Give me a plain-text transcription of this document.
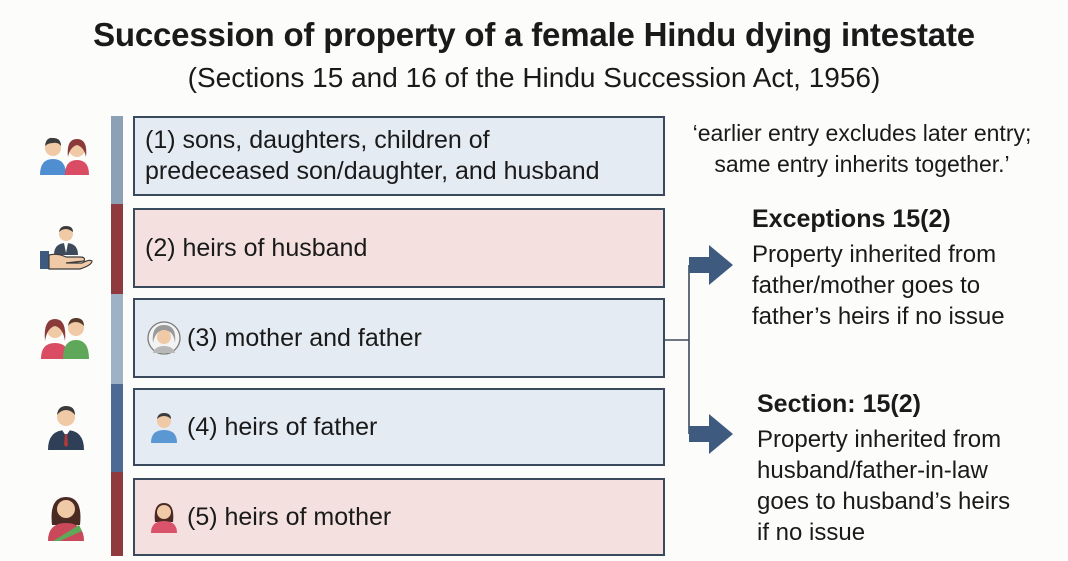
Succession of property of a female Hindu dying intestate
(Sections 15 and 16 of the Hindu Succession Act, 1956)
(1) sons, daughters, children of
predeceased son/daughter, and husband
(2) heirs of husband
(3) mother and father
(4) heirs of father
(5) heirs of mother
‘earlier entry excludes later entry;
same entry inherits together.’
Exceptions 15(2)
Property inherited from
father/mother goes to
father’s heirs if no issue
Section: 15(2)
Property inherited from
husband/father-in-law
goes to husband’s heirs
if no issue
